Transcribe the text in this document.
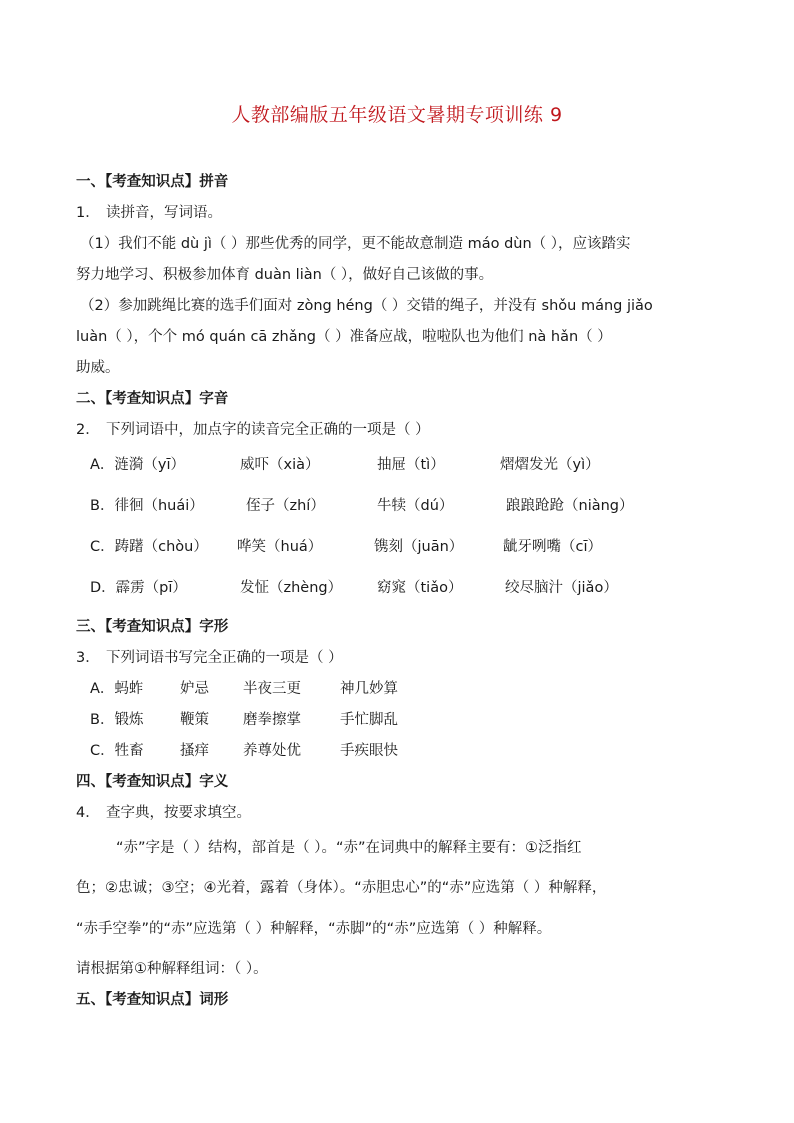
人教部编版五年级语文暑期专项训练 9
一、【考查知识点】拼音
1． 读拼音，写词语。
（1）我们不能 dù jì（ ）那些优秀的同学，更不能故意制造 máo dùn（ ），应该踏实
努力地学习、积极参加体育 duàn liàn（ ），做好自己该做的事。
（2）参加跳绳比赛的选手们面对 zòng héng（ ）交错的绳子，并没有 shǒu máng jiǎo
luàn（ ），个个 mó quán cā zhǎng（ ）准备应战，啦啦队也为他们 nà hǎn（ ）
助威。
二、【考查知识点】字音
2． 下列词语中，加点字的读音完全正确的一项是（ ）
A．涟漪（yī）	威吓（xià）	抽屉（tì）	熠熠发光（yì）
B．徘徊（huái）	侄子（zhí）	牛犊（dú）	踉踉跄跄（niàng）
C．踌躇（chòu） 哗笑（huá）	镌刻（juān）	龇牙咧嘴（cī）
D．霹雳（pī）	发怔（zhèng） 窈窕（tiǎo）	绞尽脑汁（jiǎo）
三、【考查知识点】字形
3． 下列词语书写完全正确的一项是（ ）
A．蚂蚱	妒忌 半夜三更	神几妙算
B．锻炼	鞭策 磨拳擦掌	手忙脚乱
C．牲畜	搔痒 养尊处优	手疾眼快
四、【考查知识点】字义
4． 查字典，按要求填空。
“赤”字是（ ）结构，部首是（ ）。“赤”在词典中的解释主要有：①泛指红
色；②忠诚；③空；④光着，露着（身体）。“赤胆忠心”的“赤”应选第（ ）种解释，
“赤手空拳”的“赤”应选第（ ）种解释，“赤脚”的“赤”应选第（ ）种解释。
请根据第①种解释组词：（ ）。
五、【考查知识点】词形
